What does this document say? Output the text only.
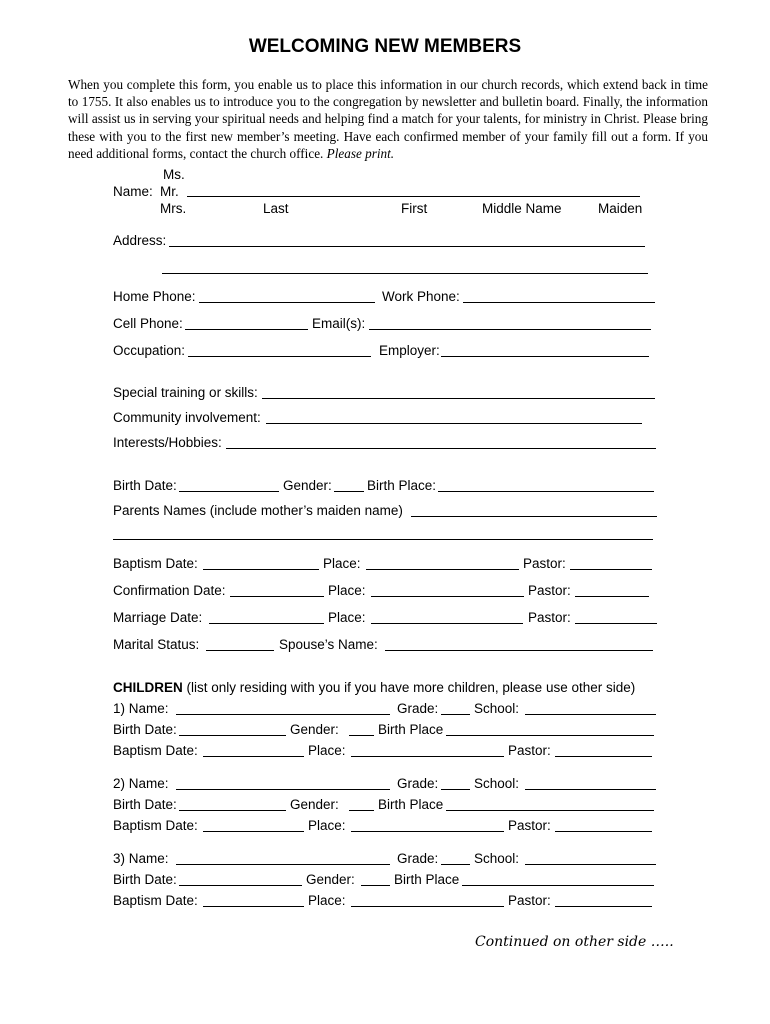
WELCOMING NEW MEMBERS

When you complete this form, you enable us to place this information in our church records, which extend back in time to 1755. It also enables us to introduce you to the congregation by newsletter and bulletin board. Finally, the information will assist us in serving your spiritual needs and helping find a match for your talents, for ministry in Christ. Please bring these with you to the first new member’s meeting. Have each confirmed member of your family fill out a form. If you need additional forms, contact the church office. Please print.

Ms.
Name: Mr.
Mrs.	Last	First	Middle Name	Maiden
Address:
Home Phone:	Work Phone:
Cell Phone:	Email(s):
Occupation:	Employer:
Special training or skills:
Community involvement:
Interests/Hobbies:
Birth Date:	Gender:	Birth Place:
Parents Names (include mother’s maiden name)
Baptism Date:	Place:	Pastor:
Confirmation Date:	Place:	Pastor:
Marriage Date:	Place:	Pastor:
Marital Status:	Spouse’s Name:
CHILDREN (list only residing with you if you have more children, please use other side)
1) Name:	Grade:	School:
Birth Date:	Gender:	Birth Place
Baptism Date:	Place:	Pastor:
2) Name:	Grade:	School:
Birth Date:	Gender:	Birth Place
Baptism Date:	Place:	Pastor:
3) Name:	Grade:	School:
Birth Date:	Gender:	Birth Place
Baptism Date:	Place:	Pastor:
Continued on other side …..
